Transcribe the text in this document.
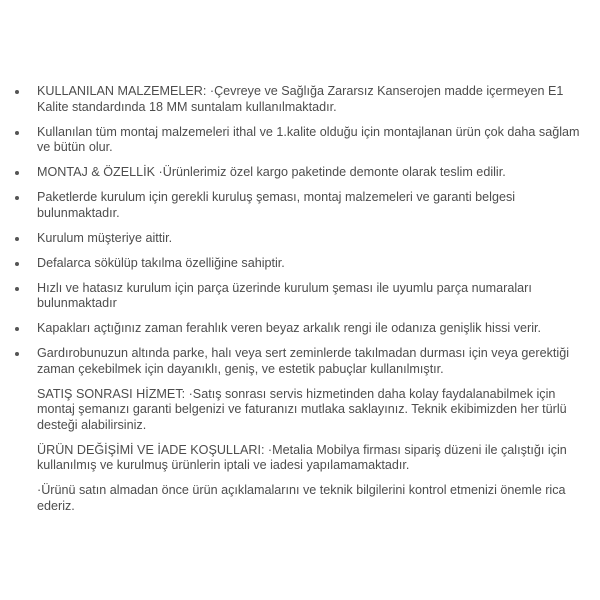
KULLANILAN MALZEMELER: ·Çevreye ve Sağlığa Zararsız Kanserojen madde içermeyen E1 Kalite standardında 18 MM suntalam kullanılmaktadır.
Kullanılan tüm montaj malzemeleri ithal ve 1.kalite olduğu için montajlanan ürün çok daha sağlam ve bütün olur.
MONTAJ & ÖZELLİK ·Ürünlerimiz özel kargo paketinde demonte olarak teslim edilir.
Paketlerde kurulum için gerekli kuruluş şeması, montaj malzemeleri ve garanti belgesi bulunmaktadır.
Kurulum müşteriye aittir.
Defalarca sökülüp takılma özelliğine sahiptir.
Hızlı ve hatasız kurulum için parça üzerinde kurulum şeması ile uyumlu parça numaraları bulunmaktadır
Kapakları açtığınız zaman ferahlık veren beyaz arkalık rengi ile odanıza genişlik hissi verir.
Gardırobunuzun altında parke, halı veya sert zeminlerde takılmadan durması için veya gerektiği zaman çekebilmek için dayanıklı, geniş, ve estetik pabuçlar kullanılmıştır.

SATIŞ SONRASI HİZMET: ·Satış sonrası servis hizmetinden daha kolay faydalanabilmek için montaj şemanızı garanti belgenizi ve faturanızı mutlaka saklayınız. Teknik ekibimizden her türlü desteği alabilirsiniz.

ÜRÜN DEĞİŞİMİ VE İADE KOŞULLARI: ·Metalia Mobilya firması sipariş düzeni ile çalıştığı için kullanılmış ve kurulmuş ürünlerin iptali ve iadesi yapılamamaktadır.

·Ürünü satın almadan önce ürün açıklamalarını ve teknik bilgilerini kontrol etmenizi önemle rica ederiz.
